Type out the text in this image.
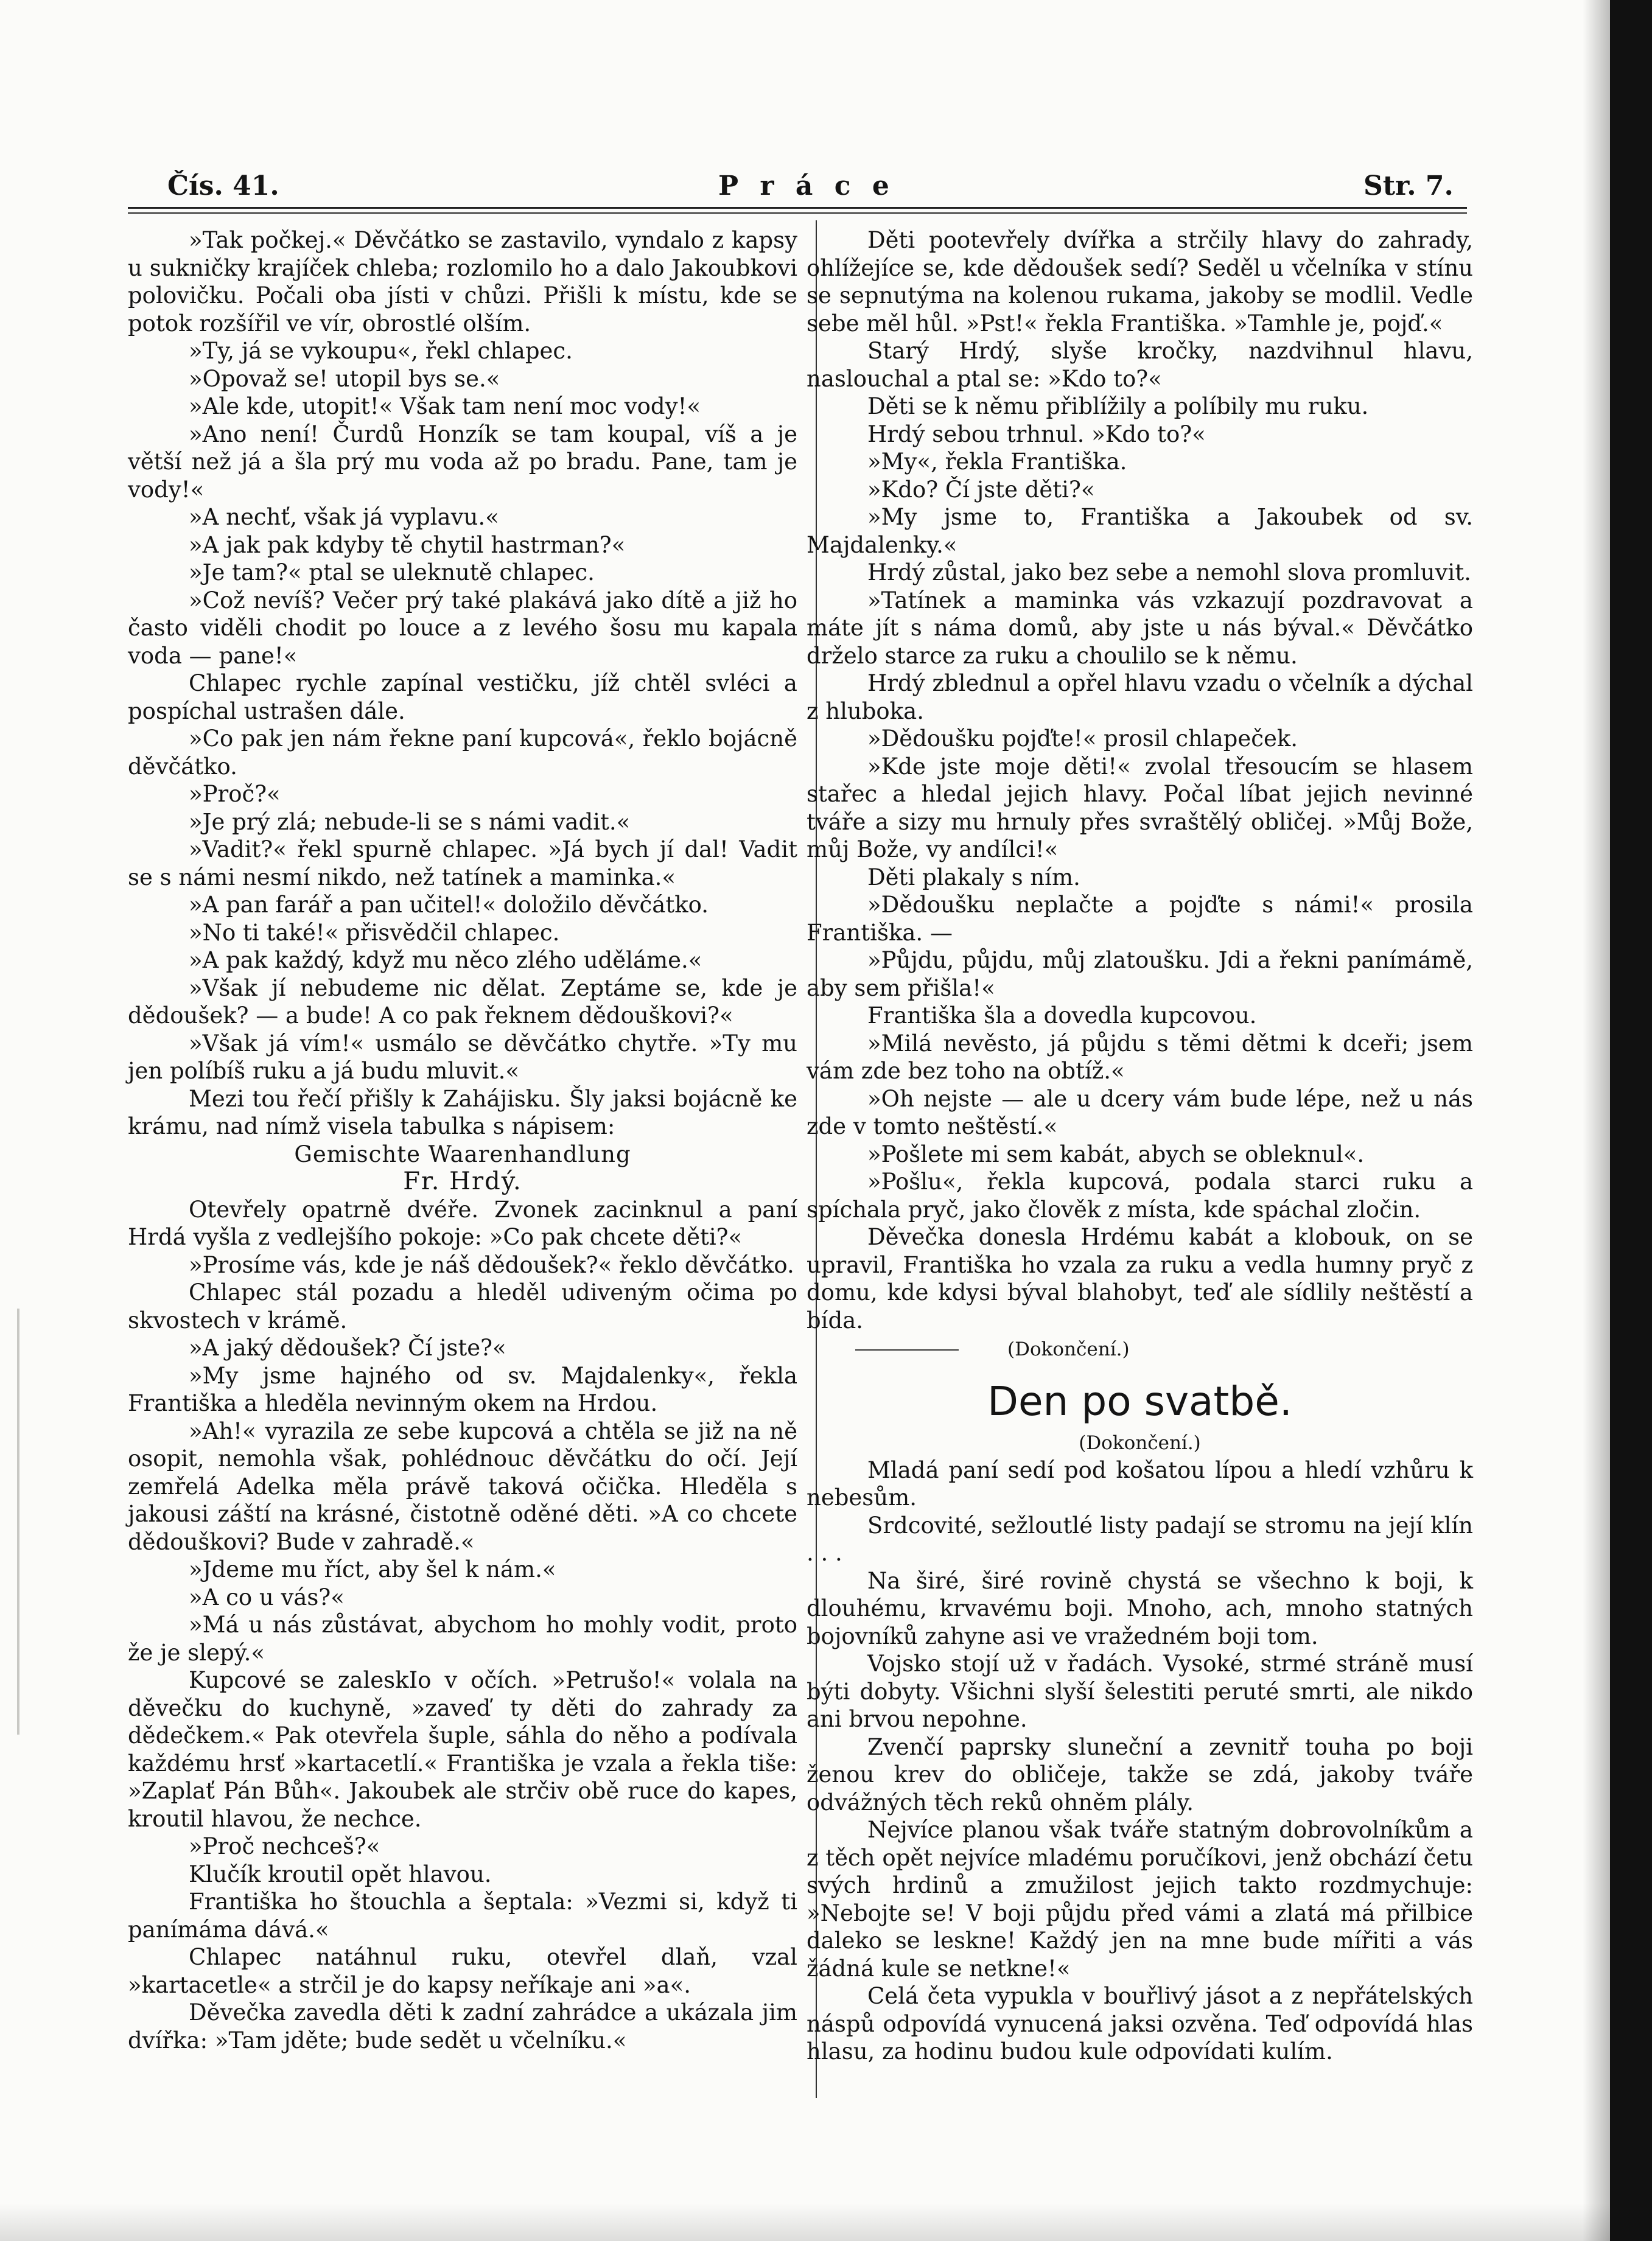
Čís. 41.	P r á c e	Str. 7.

»Tak počkej.« Děvčátko se zastavilo, vyndalo z kapsy u sukničky krajíček chleba; rozlomilo ho a dalo Jakoubkovi polovičku. Počali oba jísti v chůzi. Přišli k místu, kde se potok rozšířil ve vír, obrostlé olším.

»Ty, já se vykoupu«, řekl chlapec.

»Opovaž se! utopil bys se.«

»Ale kde, utopit!« Však tam není moc vody!«

»Ano není! Čurdů Honzík se tam koupal, víš a je větší než já a šla prý mu voda až po bradu. Pane, tam je vody!«

»A nechť, však já vyplavu.«

»A jak pak kdyby tě chytil hastrman?«

»Je tam?« ptal se uleknutě chlapec.

»Což nevíš? Večer prý také plakává jako dítě a již ho často viděli chodit po louce a z levého šosu mu kapala voda — pane!«

Chlapec rychle zapínal vestičku, jíž chtěl svléci a pospíchal ustrašen dále.

»Co pak jen nám řekne paní kupcová«, řeklo bojácně děvčátko.

»Proč?«

»Je prý zlá; nebude-li se s námi vadit.«

»Vadit?« řekl spurně chlapec. »Já bych jí dal! Vadit se s námi nesmí nikdo, než tatínek a maminka.«

»A pan farář a pan učitel!« doložilo děvčátko.

»No ti také!« přisvědčil chlapec.

»A pak každý, když mu něco zlého uděláme.«

»Však jí nebudeme nic dělat. Zeptáme se, kde je dědoušek? — a bude! A co pak řeknem dědouškovi?«

»Však já vím!« usmálo se děvčátko chytře. »Ty mu jen políbíš ruku a já budu mluvit.«

Mezi tou řečí přišly k Zahájisku. Šly jaksi bojácně ke krámu, nad nímž visela tabulka s nápisem:

Gemischte Waarenhandlung

Fr. Hrdý.

Otevřely opatrně dvéře. Zvonek zacinknul a paní Hrdá vyšla z vedlejšího pokoje: »Co pak chcete děti?«

»Prosíme vás, kde je náš dědoušek?« řeklo děvčátko.

Chlapec stál pozadu a hleděl udiveným očima po skvostech v krámě.

»A jaký dědoušek? Čí jste?«

»My jsme hajného od sv. Majdalenky«, řekla Františka a hleděla nevinným okem na Hrdou.

»Ah!« vyrazila ze sebe kupcová a chtěla se již na ně osopit, nemohla však, pohlédnouc děvčátku do očí. Její zemřelá Adelka měla právě taková očička. Hleděla s jakousi záští na krásné, čistotně oděné děti. »A co chcete dědouškovi? Bude v zahradě.«

»Jdeme mu říct, aby šel k nám.«

»A co u vás?«

»Má u nás zůstávat, abychom ho mohly vodit, proto že je slepý.«

Kupcové se zaleskIo v očích. »Petrušo!« volala na děvečku do kuchyně, »zaveď ty děti do zahrady za dědečkem.« Pak otevřela šuple, sáhla do něho a podívala každému hrsť »kartacetlí.« Františka je vzala a řekla tiše: »Zaplať Pán Bůh«. Jakoubek ale strčiv obě ruce do kapes, kroutil hlavou, že nechce.

»Proč nechceš?«

Klučík kroutil opět hlavou.

Františka ho štouchla a šeptala: »Vezmi si, když ti panímáma dává.«

Chlapec natáhnul ruku, otevřel dlaň, vzal »kartacetle« a strčil je do kapsy neříkaje ani »a«.

Děvečka zavedla děti k zadní zahrádce a ukázala jim dvířka: »Tam jděte; bude sedět u včelníku.«

Děti pootevřely dvířka a strčily hlavy do zahrady, ohlížejíce se, kde dědoušek sedí? Seděl u včelníka v stínu se sepnutýma na kolenou rukama, jakoby se modlil. Vedle sebe měl hůl. »Pst!« řekla Františka. »Tamhle je, pojď.«

Starý Hrdý, slyše kročky, nazdvihnul hlavu, naslouchal a ptal se: »Kdo to?«

Děti se k němu přiblížily a políbily mu ruku.

Hrdý sebou trhnul. »Kdo to?«

»My«, řekla Františka.

»Kdo? Čí jste děti?«

»My jsme to, Františka a Jakoubek od sv. Majdalenky.«

Hrdý zůstal, jako bez sebe a nemohl slova promluvit.

»Tatínek a maminka vás vzkazují pozdravovat a máte jít s náma domů, aby jste u nás býval.« Děvčátko drželo starce za ruku a choulilo se k němu.

Hrdý zblednul a opřel hlavu vzadu o včelník a dýchal z hluboka.

»Dědoušku pojďte!« prosil chlapeček.

»Kde jste moje děti!« zvolal třesoucím se hlasem stařec a hledal jejich hlavy. Počal líbat jejich nevinné tváře a sizy mu hrnuly přes svraštělý obličej. »Můj Bože, můj Bože, vy andílci!«

Děti plakaly s ním.

»Dědoušku neplačte a pojďte s námi!« prosila Františka. —

»Půjdu, půjdu, můj zlatoušku. Jdi a řekni panímámě, aby sem přišla!«

Františka šla a dovedla kupcovou.

»Milá nevěsto, já půjdu s těmi dětmi k dceři; jsem vám zde bez toho na obtíž.«

»Oh nejste — ale u dcery vám bude lépe, než u nás zde v tomto neštěstí.«

»Pošlete mi sem kabát, abych se obleknul«.

»Pošlu«, řekla kupcová, podala starci ruku a spíchala pryč, jako člověk z místa, kde spáchal zločin.

Děvečka donesla Hrdému kabát a klobouk, on se upravil, Františka ho vzala za ruku a vedla humny pryč z domu, kde kdysi býval blahobyt, teď ale sídlily neštěstí a bída.

(Dokončení.)

Den po svatbě.

(Dokončení.)

Mladá paní sedí pod košatou lípou a hledí vzhůru k nebesům.

Srdcovité, sežloutlé listy padají se stromu na její klín . . .

Na širé, širé rovině chystá se všechno k boji, k dlouhému, krvavému boji. Mnoho, ach, mnoho statných bojovníků zahyne asi ve vražedném boji tom.

Vojsko stojí už v řadách. Vysoké, strmé stráně musí býti dobyty. Všichni slyší šelestiti peruté smrti, ale nikdo ani brvou nepohne.

Zvenčí paprsky sluneční a zevnitř touha po boji ženou krev do obličeje, takže se zdá, jakoby tváře odvážných těch reků ohněm plály.

Nejvíce planou však tváře statným dobrovolníkům a z těch opět nejvíce mladému poručíkovi, jenž obchází četu svých hrdinů a zmužilost jejich takto rozdmychuje: »Nebojte se! V boji půjdu před vámi a zlatá má přilbice daleko se leskne! Každý jen na mne bude mířiti a vás žádná kule se netkne!«

Celá četa vypukla v bouřlivý jásot a z nepřátelských náspů odpovídá vynucená jaksi ozvěna. Teď odpovídá hlas hlasu, za hodinu budou kule odpovídati kulím.
